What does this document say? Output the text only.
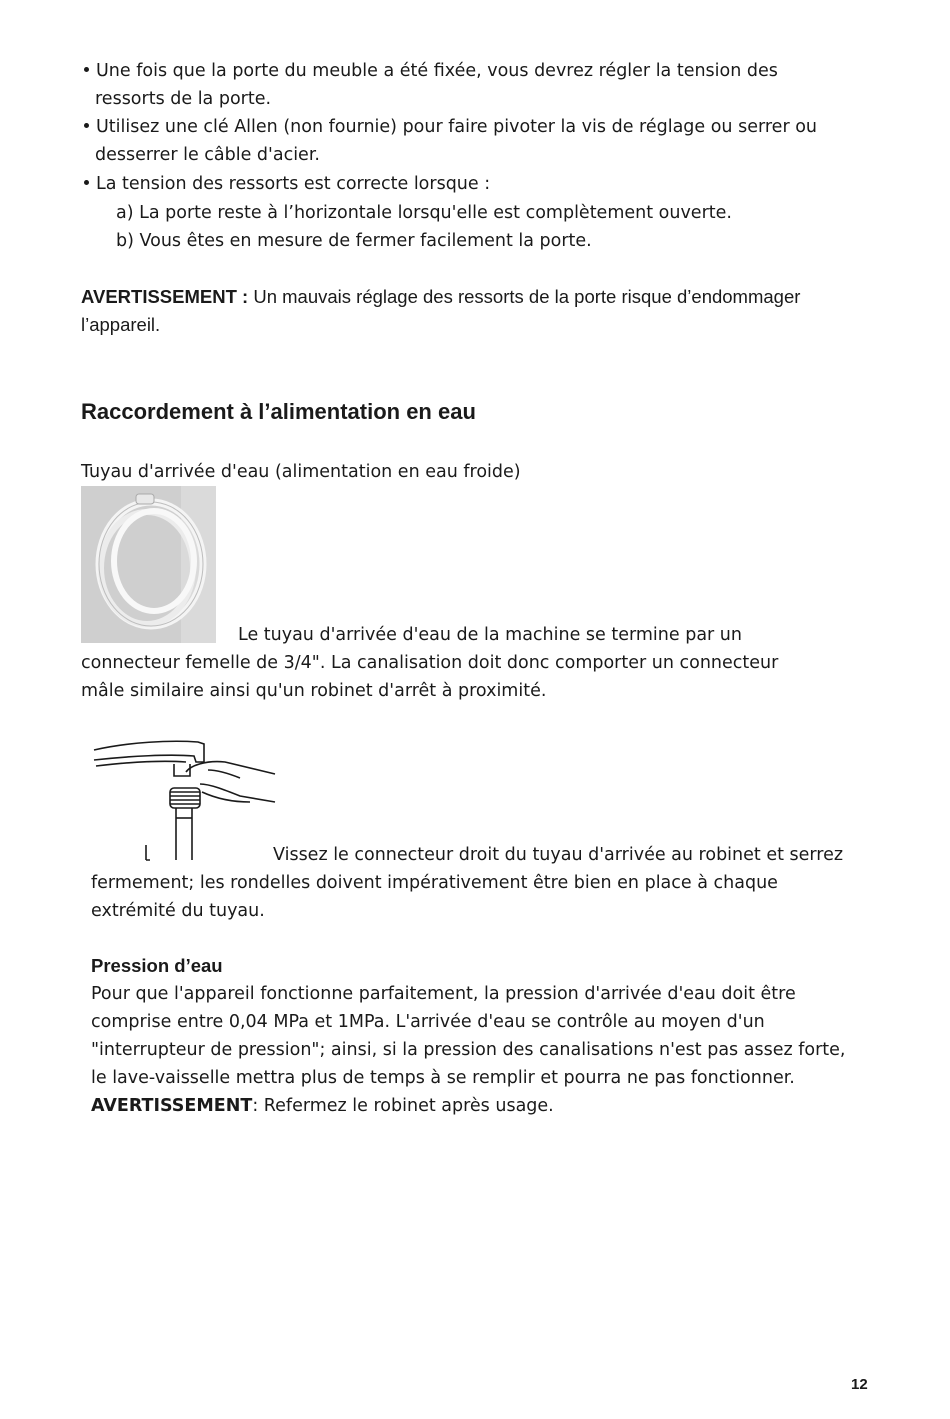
Une fois que la porte du meuble a été fixée, vous devrez régler la tension des
ressorts de la porte.
Utilisez une clé Allen (non fournie) pour faire pivoter la vis de réglage ou serrer ou
desserrer le câble d'acier.
La tension des ressorts est correcte lorsque :
a) La porte reste à l’horizontale lorsqu'elle est complètement ouverte.
b) Vous êtes en mesure de fermer facilement la porte.
AVERTISSEMENT : Un mauvais réglage des ressorts de la porte risque d’endommager
l’appareil.
Raccordement à l’alimentation en eau
Tuyau d'arrivée d'eau (alimentation en eau froide)
Le tuyau d'arrivée d'eau de la machine se termine par un
connecteur femelle de 3/4". La canalisation doit donc comporter un connecteur
mâle similaire ainsi qu'un robinet d'arrêt à proximité.
Vissez le connecteur droit du tuyau d'arrivée au robinet et serrez
fermement; les rondelles doivent impérativement être bien en place à chaque
extrémité du tuyau.
Pression d’eau
Pour que l'appareil fonctionne parfaitement, la pression d'arrivée d'eau doit être
comprise entre 0,04 MPa et 1MPa. L'arrivée d'eau se contrôle au moyen d'un
"interrupteur de pression"; ainsi, si la pression des canalisations n'est pas assez forte,
le lave-vaisselle mettra plus de temps à se remplir et pourra ne pas fonctionner.
AVERTISSEMENT: Refermez le robinet après usage.
12
